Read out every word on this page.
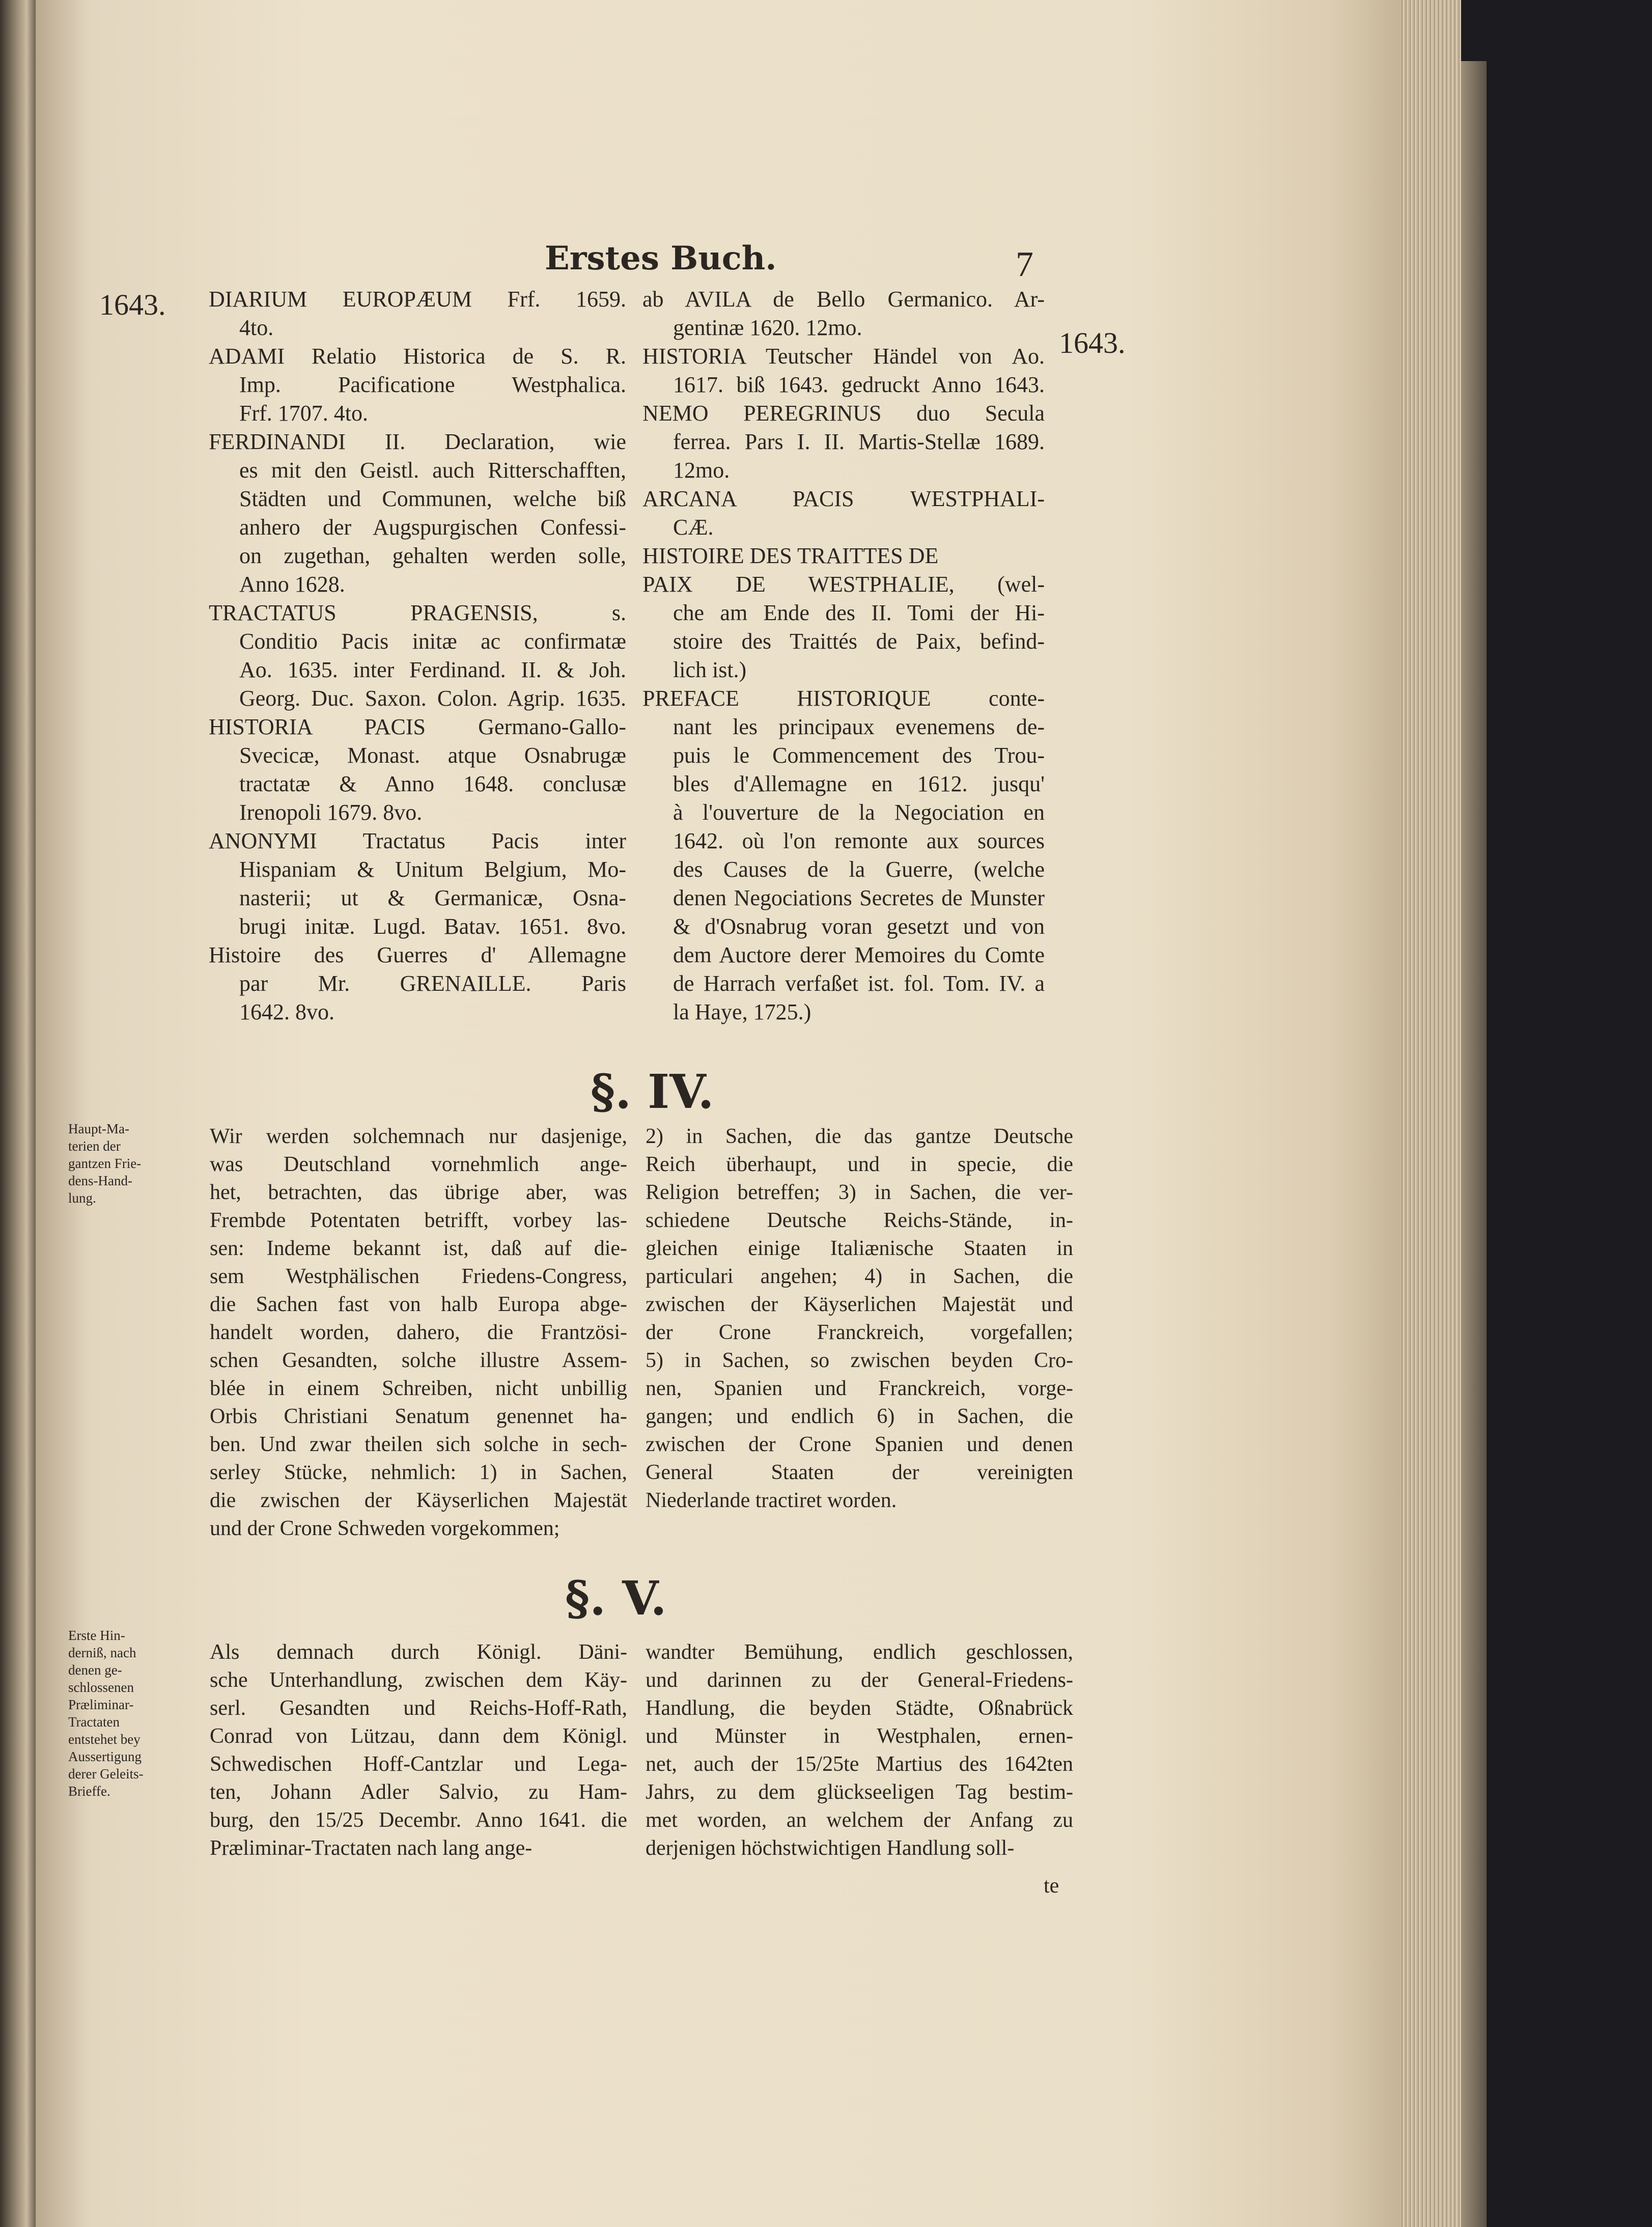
Erstes Buch.	7
1643.
1643.
DIARIUM EUROPÆUM Frf. 1659.
4to.
ADAMI Relatio Historica de S. R.
Imp. Pacificatione Westphalica.
Frf. 1707. 4to.
FERDINANDI II. Declaration, wie
es mit den Geistl. auch Ritterschafften,
Städten und Communen, welche biß
anhero der Augspurgischen Confessi-
on zugethan, gehalten werden solle,
Anno 1628.
TRACTATUS PRAGENSIS, s.
Conditio Pacis initæ ac confirmatæ
Ao. 1635. inter Ferdinand. II. & Joh.
Georg. Duc. Saxon. Colon. Agrip. 1635.
HISTORIA PACIS Germano-Gallo-
Svecicæ, Monast. atque Osnabrugæ
tractatæ & Anno 1648. conclusæ
Irenopoli 1679. 8vo.
ANONYMI Tractatus Pacis inter
Hispaniam & Unitum Belgium, Mo-
nasterii; ut & Germanicæ, Osna-
brugi initæ. Lugd. Batav. 1651. 8vo.
Histoire des Guerres d' Allemagne
par Mr. GRENAILLE. Paris
1642. 8vo.
ab AVILA de Bello Germanico. Ar-
gentinæ 1620. 12mo.
HISTORIA Teutscher Händel von Ao.
1617. biß 1643. gedruckt Anno 1643.
NEMO PEREGRINUS duo Secula
ferrea. Pars I. II. Martis-Stellæ 1689.
12mo.
ARCANA PACIS WESTPHALI-
CÆ.
HISTOIRE DES TRAITTES DE
PAIX DE WESTPHALIE, (wel-
che am Ende des II. Tomi der Hi-
stoire des Traittés de Paix, befind-
lich ist.)
PREFACE HISTORIQUE conte-
nant les principaux evenemens de-
puis le Commencement des Trou-
bles d'Allemagne en 1612. jusqu'
à l'ouverture de la Negociation en
1642. où l'on remonte aux sources
des Causes de la Guerre, (welche
denen Negociations Secretes de Munster
& d'Osnabrug voran gesetzt und von
dem Auctore derer Memoires du Comte
de Harrach verfaßet ist. fol. Tom. IV. a
la Haye, 1725.)
§. IV.
Haupt-Ma-
terien der
gantzen Frie-
dens-Hand-
lung.
Wir werden solchemnach nur dasjenige,
was Deutschland vornehmlich ange-
het, betrachten, das übrige aber, was
Frembde Potentaten betrifft, vorbey las-
sen: Indeme bekannt ist, daß auf die-
sem Westphälischen Friedens-Congress,
die Sachen fast von halb Europa abge-
handelt worden, dahero, die Frantzösi-
schen Gesandten, solche illustre Assem-
blée in einem Schreiben, nicht unbillig
Orbis Christiani Senatum genennet ha-
ben. Und zwar theilen sich solche in sech-
serley Stücke, nehmlich: 1) in Sachen,
die zwischen der Käyserlichen Majestät
und der Crone Schweden vorgekommen;
2) in Sachen, die das gantze Deutsche
Reich überhaupt, und in specie, die
Religion betreffen; 3) in Sachen, die ver-
schiedene Deutsche Reichs-Stände, in-
gleichen einige Italiænische Staaten in
particulari angehen; 4) in Sachen, die
zwischen der Käyserlichen Majestät und
der Crone Franckreich, vorgefallen;
5) in Sachen, so zwischen beyden Cro-
nen, Spanien und Franckreich, vorge-
gangen; und endlich 6) in Sachen, die
zwischen der Crone Spanien und denen
General Staaten der vereinigten
Niederlande tractiret worden.
§. V.
Erste Hin-
derniß, nach
denen ge-
schlossenen
Præliminar-
Tractaten
entstehet bey
Aussertigung
derer Geleits-
Brieffe.
Als demnach durch Königl. Däni-
sche Unterhandlung, zwischen dem Käy-
serl. Gesandten und Reichs-Hoff-Rath,
Conrad von Lützau, dann dem Königl.
Schwedischen Hoff-Cantzlar und Lega-
ten, Johann Adler Salvio, zu Ham-
burg, den 15/25 Decembr. Anno 1641. die
Præliminar-Tractaten nach lang ange-
wandter Bemühung, endlich geschlossen,
und darinnen zu der General-Friedens-
Handlung, die beyden Städte, Oßnabrück
und Münster in Westphalen, ernen-
net, auch der 15/25te Martius des 1642ten
Jahrs, zu dem glückseeligen Tag bestim-
met worden, an welchem der Anfang zu
derjenigen höchstwichtigen Handlung soll-
te
